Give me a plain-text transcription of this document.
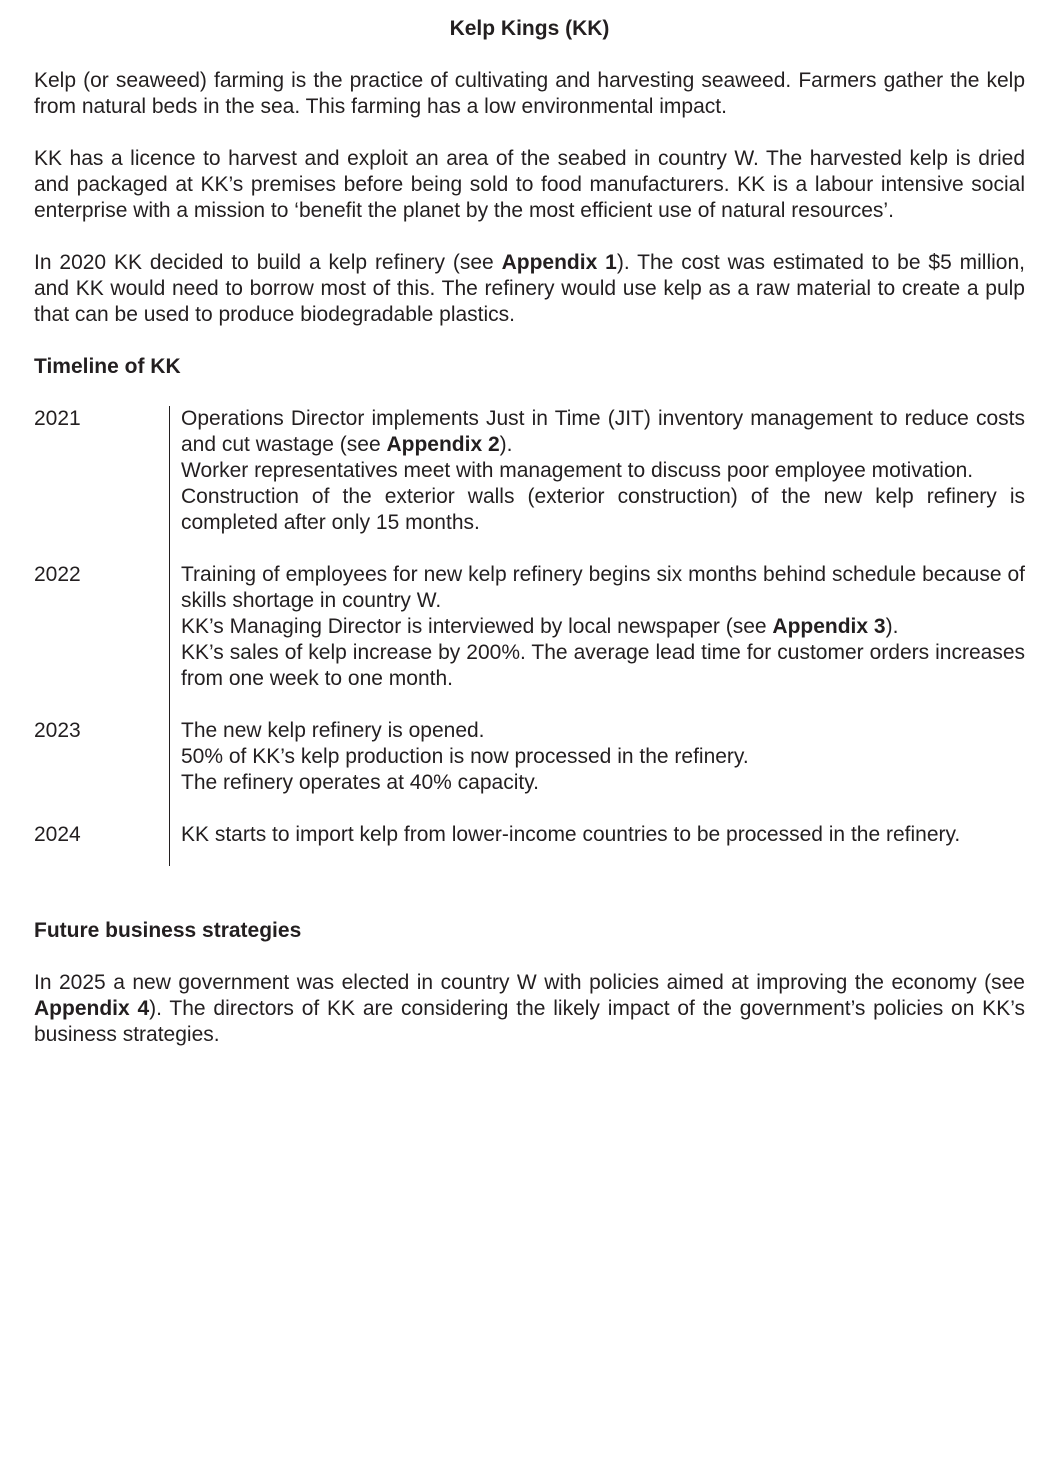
Kelp Kings (KK)

Kelp (or seaweed) farming is the practice of cultivating and harvesting seaweed. Farmers gather the kelp from natural beds in the sea. This farming has a low environmental impact.

KK has a licence to harvest and exploit an area of the seabed in country W. The harvested kelp is dried and packaged at KK’s premises before being sold to food manufacturers. KK is a labour intensive social enterprise with a mission to ‘benefit the planet by the most efficient use of natural resources’.

In 2020 KK decided to build a kelp refinery (see Appendix 1). The cost was estimated to be $5 million, and KK would need to borrow most of this. The refinery would use kelp as a raw material to create a pulp that can be used to produce biodegradable plastics.

Timeline of KK
2021	Operations Director implements Just in Time (JIT) inventory management to reduce costs and cut wastage (see Appendix 2).

Worker representatives meet with management to discuss poor employee motivation.

Construction of the exterior walls (exterior construction) of the new kelp refinery is completed after only 15 months.

2022	Training of employees for new kelp refinery begins six months behind schedule because of skills shortage in country W.

KK’s Managing Director is interviewed by local newspaper (see Appendix 3).

KK’s sales of kelp increase by 200%. The average lead time for customer orders increases from one week to one month.

2023	The new kelp refinery is opened.

50% of KK’s kelp production is now processed in the refinery.

The refinery operates at 40% capacity.

2024	KK starts to import kelp from lower-income countries to be processed in the refinery.

Future business strategies

In 2025 a new government was elected in country W with policies aimed at improving the economy (see Appendix 4). The directors of KK are considering the likely impact of the government’s policies on KK’s business strategies.
